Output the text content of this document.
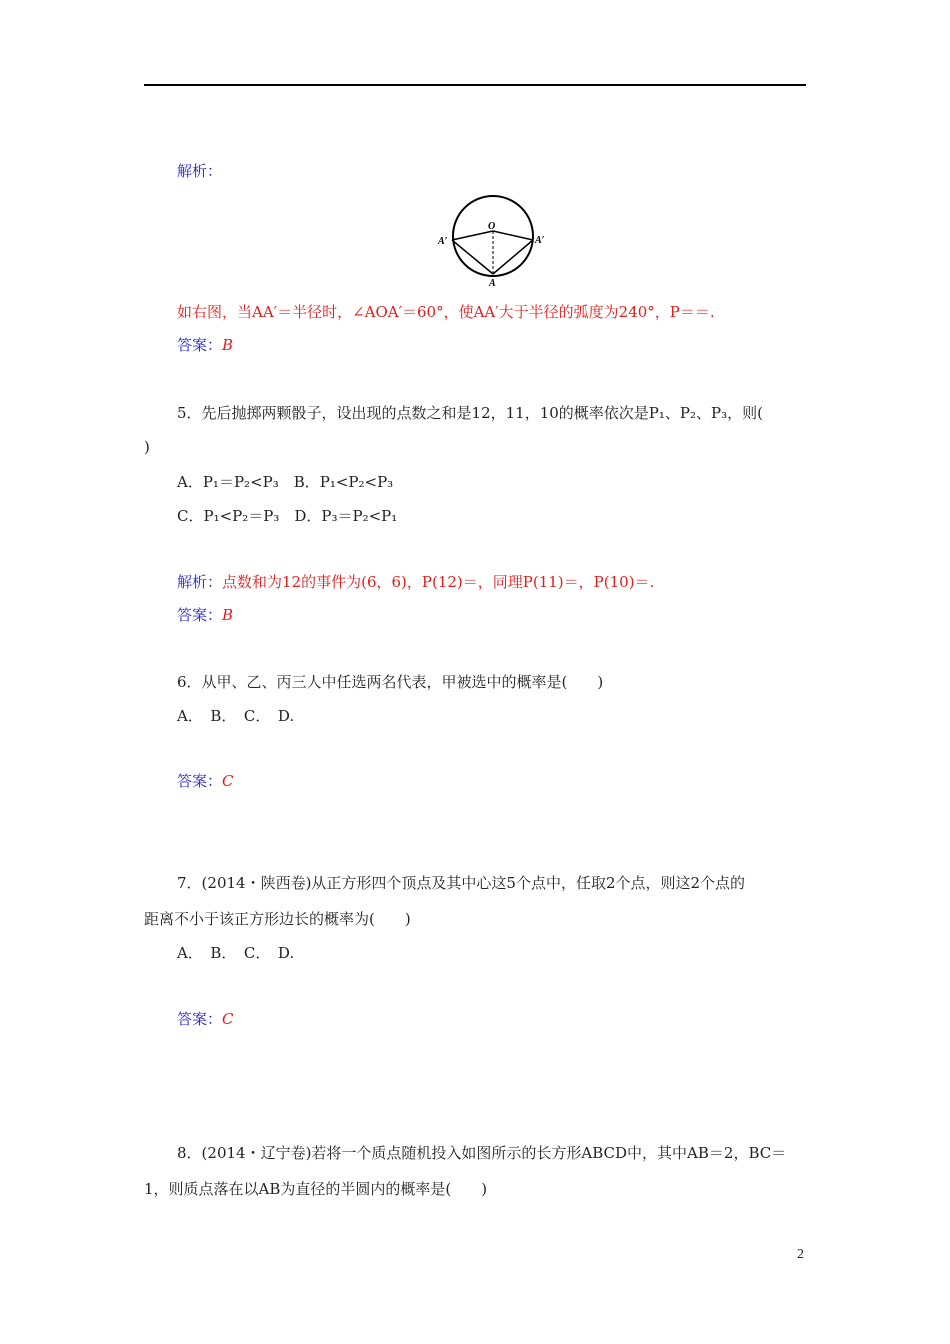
解析：
O
A′	A′
A
如右图，当AA′＝半径时，∠AOA′＝60°，使AA′大于半径的弧度为240°，P＝＝.
答案：B
5．先后抛掷两颗骰子，设出现的点数之和是12，11，10的概率依次是P₁、P₂、P₃，则(
)
A．P₁＝P₂<P₃　B．P₁<P₂<P₃
C．P₁<P₂＝P₃　D．P₃＝P₂<P₁
解析：点数和为12的事件为(6，6)，P(12)＝，同理P(11)＝，P(10)＝.
答案：B
6．从甲、乙、丙三人中任选两名代表，甲被选中的概率是(　　)
A．　B．　C．　D.
答案：C
7．(2014・陕西卷)从正方形四个顶点及其中心这5个点中，任取2个点，则这2个点的
距离不小于该正方形边长的概率为(　　)
A．　B．　C．　D.
答案：C
8．(2014・辽宁卷)若将一个质点随机投入如图所示的长方形ABCD中，其中AB＝2，BC＝
1，则质点落在以AB为直径的半圆内的概率是(　　)
2
